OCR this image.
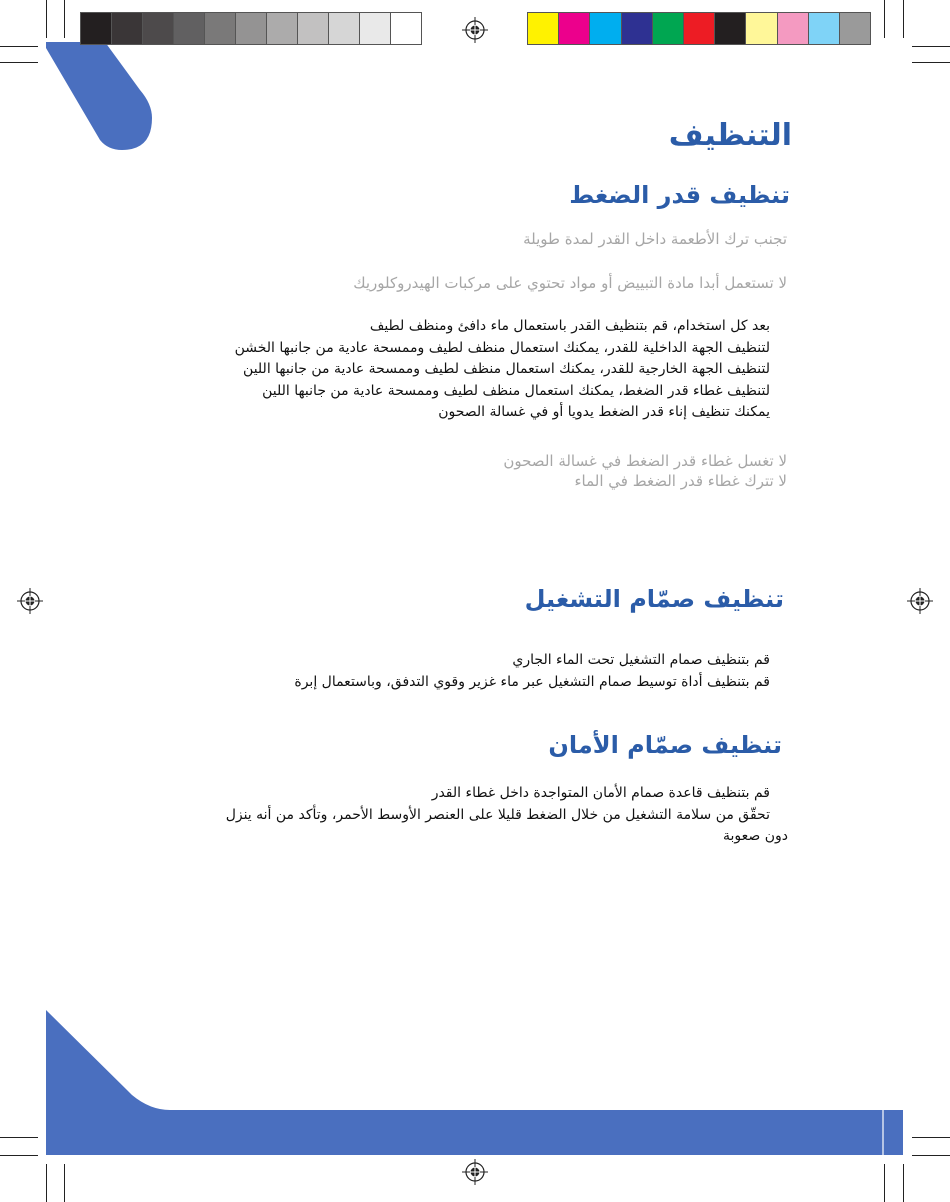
التنظيف
تنظيف قدر الضغط
تجنب ترك الأطعمة داخل القدر لمدة طويلة
لا تستعمل أبدا مادة التبييض أو مواد تحتوي على مركبات الهيدروكلوريك
بعد كل استخدام، قم بتنظيف القدر باستعمال ماء دافئ ومنظف لطيف
لتنظيف الجهة الداخلية للقدر، يمكنك استعمال منظف لطيف وممسحة عادية من جانبها الخشن
لتنظيف الجهة الخارجية للقدر، يمكنك استعمال منظف لطيف وممسحة عادية من جانبها اللين
لتنظيف غطاء قدر الضغط، يمكنك استعمال منظف لطيف وممسحة عادية من جانبها اللين
يمكنك تنظيف إناء قدر الضغط يدويا أو في غسالة الصحون
لا تغسل غطاء قدر الضغط في غسالة الصحون
لا تترك غطاء قدر الضغط في الماء
تنظيف صمّام التشغيل
قم بتنظيف صمام التشغيل تحت الماء الجاري
قم بتنظيف أداة توسيط صمام التشغيل عبر ماء غزير وقوي التدفق، وباستعمال إبرة
تنظيف صمّام الأمان
قم بتنظيف قاعدة صمام الأمان المتواجدة داخل غطاء القدر
تحقّق من سلامة التشغيل من خلال الضغط قليلا على العنصر الأوسط الأحمر، وتأكد من أنه ينزل
دون صعوبة
